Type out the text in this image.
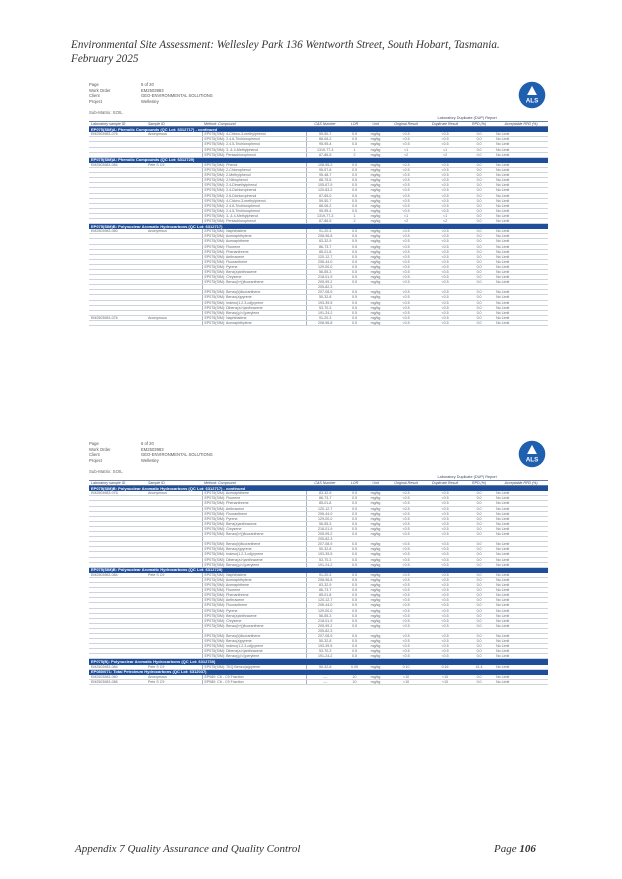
Environmental Site Assessment: Wellesley Park 136 Wentworth Street, South Hobart, Tasmania.
February 2025
Page	5 of 20
Work Order	EM2503983
Client	GEO-ENVIRONMENTAL SOLUTIONS
Project	Wellesley	ALS
Sub-Matrix: SOIL
						Laboratory Duplicate (DUP) Report			
Laboratory sample ID	Sample ID	Method: Compound	CAS Number	LOR	Unit	Original Result	Duplicate Result	RPD (%)	Acceptable RPD (%)
EP075(SIM)A: Phenolic Compounds (QC Lot: 6312717) - continued									
EM2503983-076	Anonymous	EP075(SIM): 4-Chloro-3-methylphenol	59-50-7	0.5	mg/kg	<0.5	<0.5	0.0	No Limit
		EP075(SIM): 2.4.6-Trichlorophenol	88-06-2	0.5	mg/kg	<0.5	<0.5	0.0	No Limit
		EP075(SIM): 2.4.5-Trichlorophenol	95-95-4	0.5	mg/kg	<0.5	<0.5	0.0	No Limit
		EP075(SIM): 3- & 4-Methylphenol	1319-77-3	1	mg/kg	<1	<1	0.0	No Limit
		EP075(SIM): Pentachlorophenol	87-86-5	2	mg/kg	<2	<2	0.0	No Limit
EP075(SIM)A: Phenolic Compounds (QC Lot: 6312729)									
EM2503983-084	Pete S C9	EP075(SIM): Phenol	108-95-2	0.5	mg/kg	<0.5	<0.5	0.0	No Limit
		EP075(SIM): 2-Chlorophenol	95-57-8	0.5	mg/kg	<0.5	<0.5	0.0	No Limit
		EP075(SIM): 2-Methylphenol	95-48-7	0.5	mg/kg	<0.5	<0.5	0.0	No Limit
		EP075(SIM): 2-Nitrophenol	88-75-5	0.5	mg/kg	<0.5	<0.5	0.0	No Limit
		EP075(SIM): 2.4-Dimethylphenol	105-67-9	0.5	mg/kg	<0.5	<0.5	0.0	No Limit
		EP075(SIM): 2.4-Dichlorophenol	120-83-2	0.5	mg/kg	<0.5	<0.5	0.0	No Limit
		EP075(SIM): 2.6-Dichlorophenol	87-65-0	0.5	mg/kg	<0.5	<0.5	0.0	No Limit
		EP075(SIM): 4-Chloro-3-methylphenol	59-50-7	0.5	mg/kg	<0.5	<0.5	0.0	No Limit
		EP075(SIM): 2.4.6-Trichlorophenol	88-06-2	0.5	mg/kg	<0.5	<0.5	0.0	No Limit
		EP075(SIM): 2.4.5-Trichlorophenol	95-95-4	0.5	mg/kg	<0.5	<0.5	0.0	No Limit
		EP075(SIM): 3- & 4-Methylphenol	1319-77-3	1	mg/kg	<1	<1	0.0	No Limit
		EP075(SIM): Pentachlorophenol	87-86-5	2	mg/kg	<2	<2	0.0	No Limit
EP075(SIM)B: Polynuclear Aromatic Hydrocarbons (QC Lot: 6312717)									
EM2503983-060	Anonymous	EP075(SIM): Naphthalene	91-20-3	0.5	mg/kg	<0.5	<0.5	0.0	No Limit
		EP075(SIM): Acenaphthylene	208-96-8	0.5	mg/kg	<0.5	<0.5	0.0	No Limit
		EP075(SIM): Acenaphthene	83-32-9	0.5	mg/kg	<0.5	<0.5	0.0	No Limit
		EP075(SIM): Fluorene	86-73-7	0.5	mg/kg	<0.5	<0.5	0.0	No Limit
		EP075(SIM): Phenanthrene	85-01-8	0.5	mg/kg	<0.5	<0.5	0.0	No Limit
		EP075(SIM): Anthracene	120-12-7	0.5	mg/kg	<0.5	<0.5	0.0	No Limit
		EP075(SIM): Fluoranthene	206-44-0	0.5	mg/kg	<0.5	<0.5	0.0	No Limit
		EP075(SIM): Pyrene	129-00-0	0.5	mg/kg	<0.5	<0.5	0.0	No Limit
		EP075(SIM): Benz(a)anthracene	56-55-3	0.5	mg/kg	<0.5	<0.5	0.0	No Limit
		EP075(SIM): Chrysene	218-01-9	0.5	mg/kg	<0.5	<0.5	0.0	No Limit
		EP075(SIM): Benzo(b+j)fluoranthene	205-99-2	0.5	mg/kg	<0.5	<0.5	0.0	No Limit
			205-82-3						
		EP075(SIM): Benzo(k)fluoranthene	207-08-9	0.5	mg/kg	<0.5	<0.5	0.0	No Limit
		EP075(SIM): Benzo(a)pyrene	50-32-8	0.5	mg/kg	<0.5	<0.5	0.0	No Limit
		EP075(SIM): Indeno(1.2.3.cd)pyrene	193-39-5	0.5	mg/kg	<0.5	<0.5	0.0	No Limit
		EP075(SIM): Dibenz(a.h)anthracene	53-70-3	0.5	mg/kg	<0.5	<0.5	0.0	No Limit
		EP075(SIM): Benzo(g.h.i)perylene	191-24-2	0.5	mg/kg	<0.5	<0.5	0.0	No Limit
EM2503983-076	Anonymous	EP075(SIM): Naphthalene	91-20-3	0.5	mg/kg	<0.5	<0.5	0.0	No Limit
		EP075(SIM): Acenaphthylene	208-96-8	0.5	mg/kg	<0.5	<0.5	0.0	No Limit
Page	6 of 20
Work Order	EM2503983
Client	GEO-ENVIRONMENTAL SOLUTIONS
Project	Wellesley	ALS
Sub-Matrix: SOIL
						Laboratory Duplicate (DUP) Report			
Laboratory sample ID	Sample ID	Method: Compound	CAS Number	LOR	Unit	Original Result	Duplicate Result	RPD (%)	Acceptable RPD (%)
EP075(SIM)B: Polynuclear Aromatic Hydrocarbons (QC Lot: 6312717) - continued									
EM2503983-076	Anonymous	EP075(SIM): Acenaphthene	83-32-9	0.5	mg/kg	<0.5	<0.5	0.0	No Limit
		EP075(SIM): Fluorene	86-73-7	0.5	mg/kg	<0.5	<0.5	0.0	No Limit
		EP075(SIM): Phenanthrene	85-01-8	0.5	mg/kg	<0.5	<0.5	0.0	No Limit
		EP075(SIM): Anthracene	120-12-7	0.5	mg/kg	<0.5	<0.5	0.0	No Limit
		EP075(SIM): Fluoranthene	206-44-0	0.5	mg/kg	<0.5	<0.5	0.0	No Limit
		EP075(SIM): Pyrene	129-00-0	0.5	mg/kg	<0.5	<0.5	0.0	No Limit
		EP075(SIM): Benz(a)anthracene	56-55-3	0.5	mg/kg	<0.5	<0.5	0.0	No Limit
		EP075(SIM): Chrysene	218-01-9	0.5	mg/kg	<0.5	<0.5	0.0	No Limit
		EP075(SIM): Benzo(b+j)fluoranthene	205-99-2	0.5	mg/kg	<0.5	<0.5	0.0	No Limit
			205-82-3						
		EP075(SIM): Benzo(k)fluoranthene	207-08-9	0.5	mg/kg	<0.5	<0.5	0.0	No Limit
		EP075(SIM): Benzo(a)pyrene	50-32-8	0.5	mg/kg	<0.5	<0.5	0.0	No Limit
		EP075(SIM): Indeno(1.2.3.cd)pyrene	193-39-5	0.5	mg/kg	<0.5	<0.5	0.0	No Limit
		EP075(SIM): Dibenz(a.h)anthracene	53-70-3	0.5	mg/kg	<0.5	<0.5	0.0	No Limit
		EP075(SIM): Benzo(g.h.i)perylene	191-24-2	0.5	mg/kg	<0.5	<0.5	0.0	No Limit
EP075(SIM)B: Polynuclear Aromatic Hydrocarbons (QC Lot: 6312729)									
EM2503983-084	Pete S C9	EP075(SIM): Naphthalene	91-20-3	0.5	mg/kg	<0.5	<0.5	0.0	No Limit
		EP075(SIM): Acenaphthylene	208-96-8	0.5	mg/kg	<0.5	<0.5	0.0	No Limit
		EP075(SIM): Acenaphthene	83-32-9	0.5	mg/kg	<0.5	<0.5	0.0	No Limit
		EP075(SIM): Fluorene	86-73-7	0.5	mg/kg	<0.5	<0.5	0.0	No Limit
		EP075(SIM): Phenanthrene	85-01-8	0.5	mg/kg	<0.5	<0.5	0.0	No Limit
		EP075(SIM): Anthracene	120-12-7	0.5	mg/kg	<0.5	<0.5	0.0	No Limit
		EP075(SIM): Fluoranthene	206-44-0	0.5	mg/kg	<0.5	<0.5	0.0	No Limit
		EP075(SIM): Pyrene	129-00-0	0.5	mg/kg	<0.5	<0.5	0.0	No Limit
		EP075(SIM): Benz(a)anthracene	56-55-3	0.5	mg/kg	<0.5	<0.5	0.0	No Limit
		EP075(SIM): Chrysene	218-01-9	0.5	mg/kg	<0.5	<0.5	0.0	No Limit
		EP075(SIM): Benzo(b+j)fluoranthene	205-99-2	0.5	mg/kg	<0.5	<0.5	0.0	No Limit
			205-82-3						
		EP075(SIM): Benzo(k)fluoranthene	207-08-9	0.5	mg/kg	<0.5	<0.5	0.0	No Limit
		EP075(SIM): Benzo(a)pyrene	50-32-8	0.5	mg/kg	<0.5	<0.5	0.0	No Limit
		EP075(SIM): Indeno(1.2.3.cd)pyrene	193-39-5	0.5	mg/kg	<0.5	<0.5	0.0	No Limit
		EP075(SIM): Dibenz(a.h)anthracene	53-70-3	0.5	mg/kg	<0.5	<0.5	0.0	No Limit
		EP075(SIM): Benzo(g.h.i)perylene	191-24-2	0.5	mg/kg	<0.5	<0.5	0.0	No Limit
EP075(B): Polynuclear Aromatic Hydrocarbons (QC Lot: 6312730)									
EM2503983-084	Pete S C9	EP075(SIM): TEQ Benzo(a)pyrene	50-32-8	0.05	mg/kg	0.10	0.16	41.4	No Limit
EP080/071: Total Petroleum Hydrocarbons (QC Lot: 6312037)									
EM2503983-060	Anonymous	EP080: C6 - C9 Fraction	----	10	mg/kg	<10	<10	0.0	No Limit
EM2503983-086	Pete S C9	EP080: C6 - C9 Fraction	----	10	mg/kg	<10	<10	0.0	No Limit
Appendix 7 Quality Assurance and Quality Control	Page 106
